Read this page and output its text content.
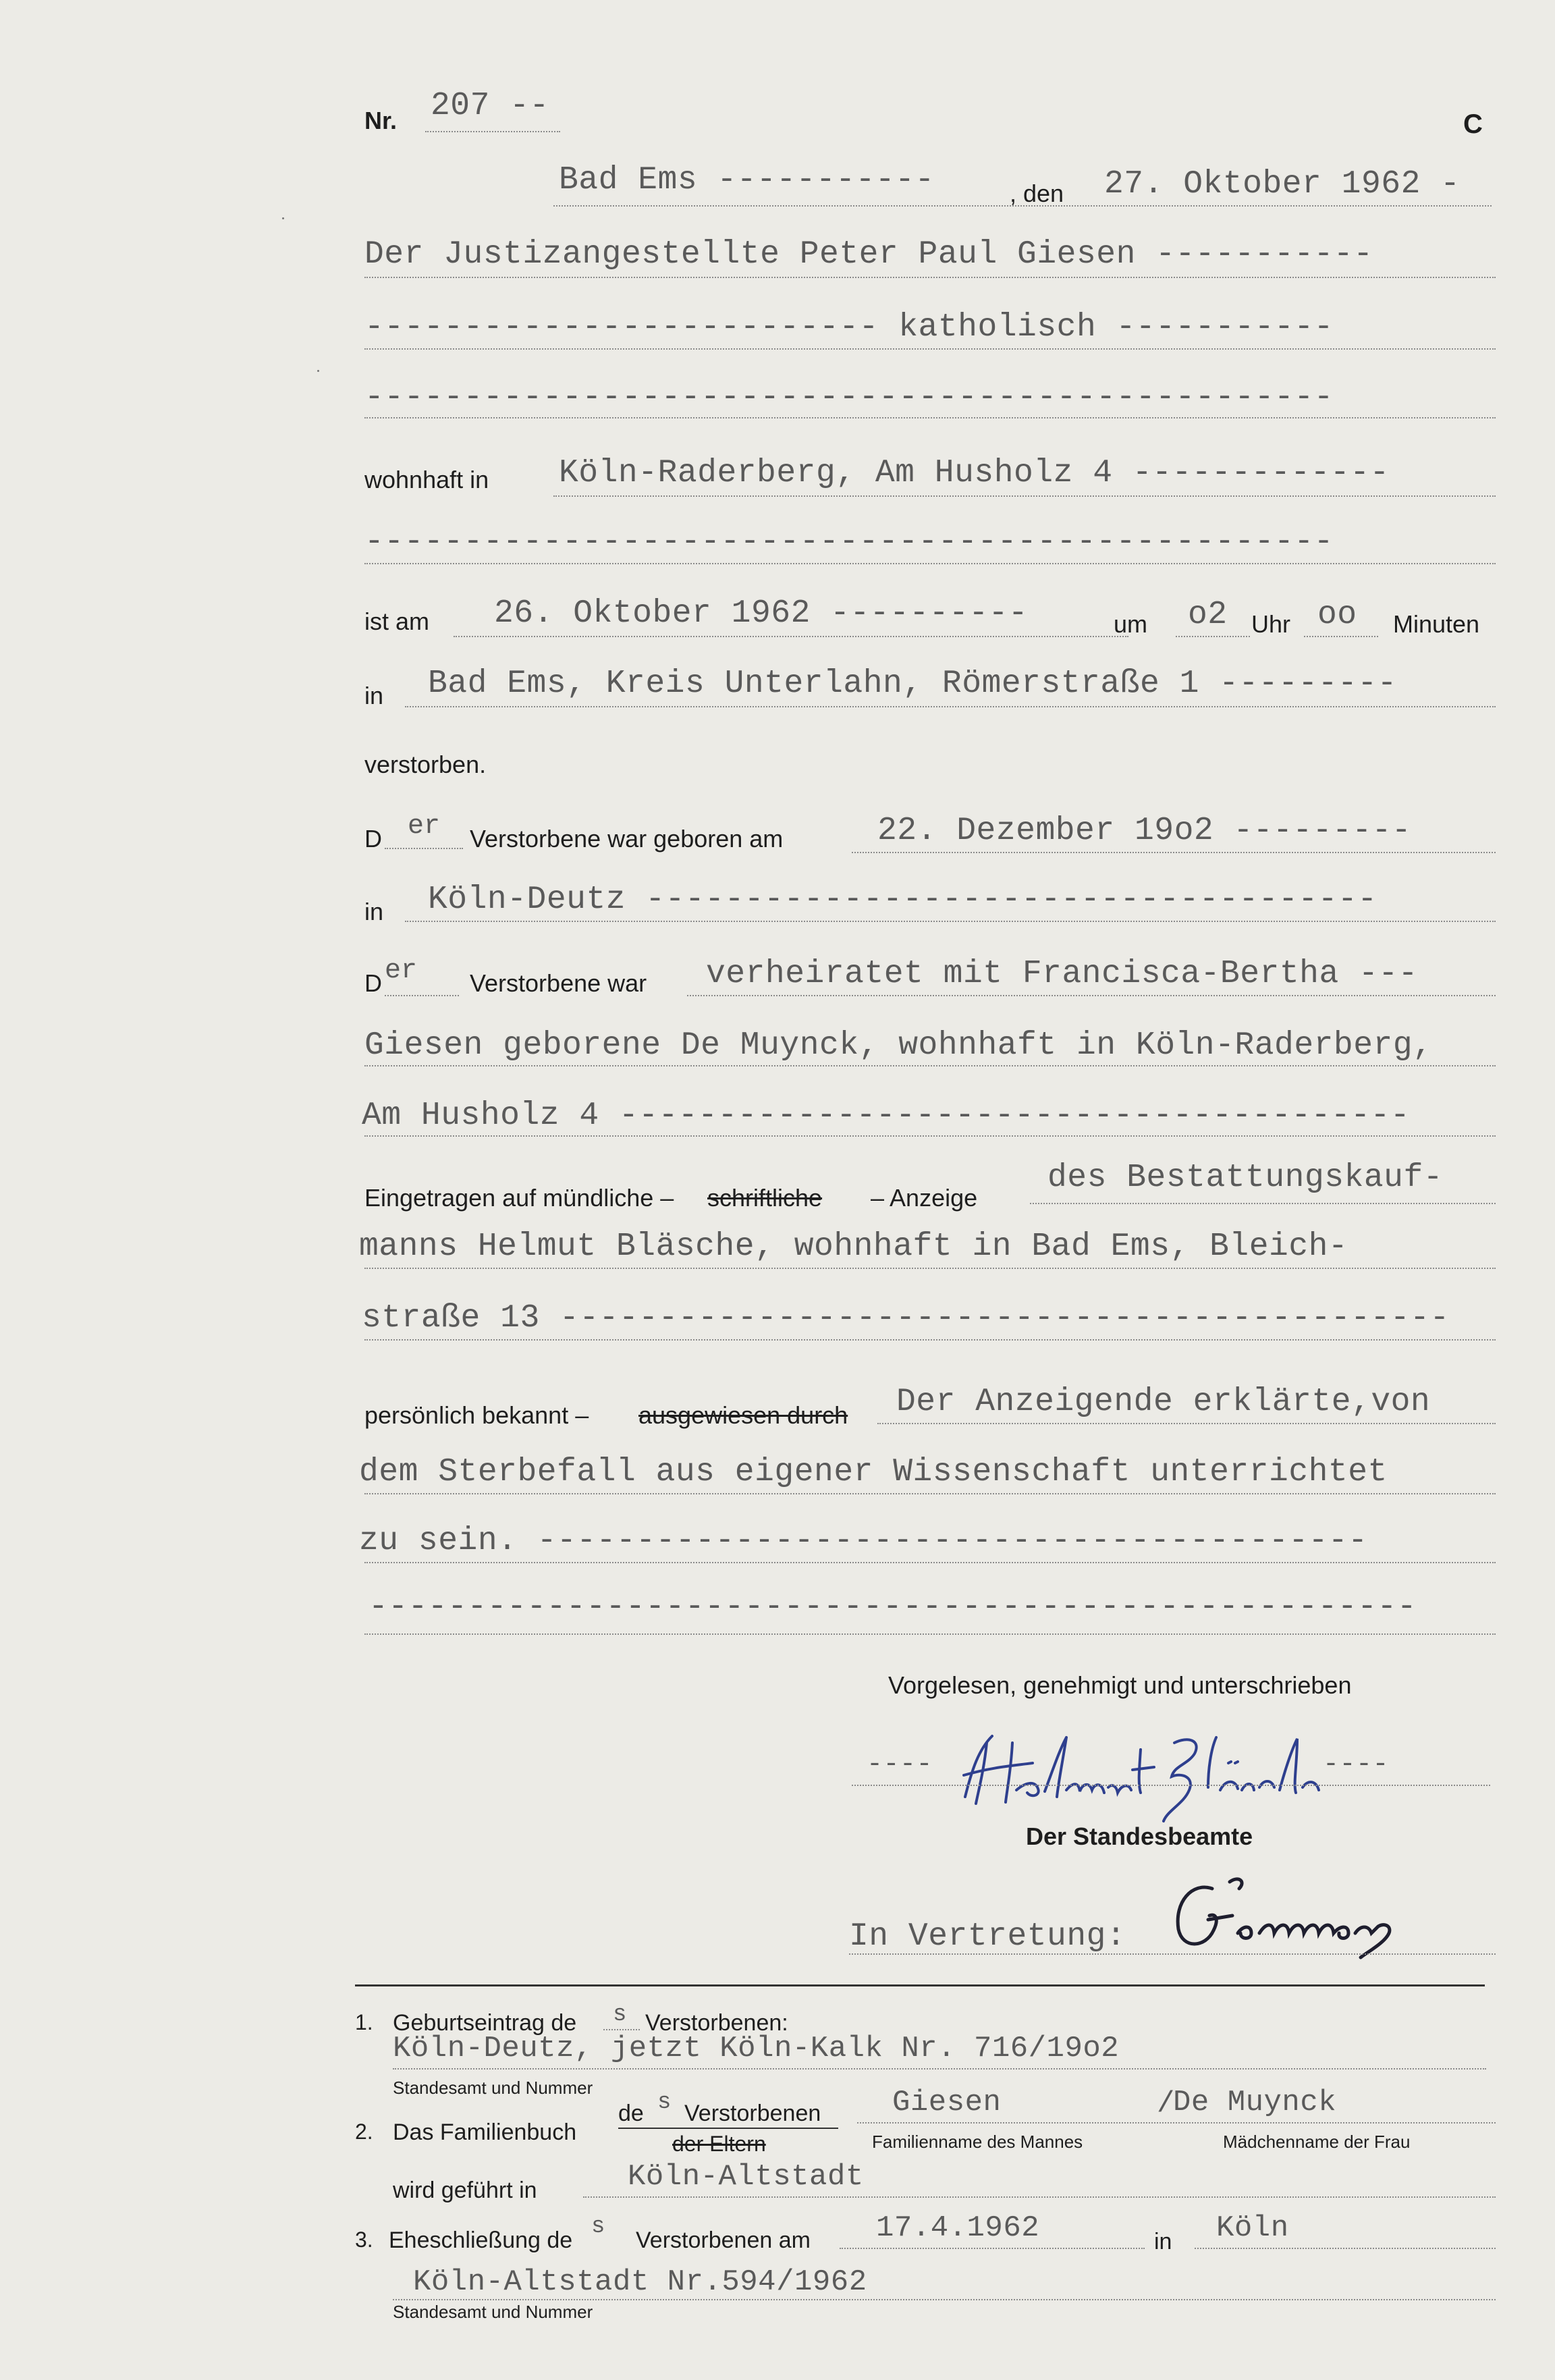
Nr. 207 --	C
Bad Ems -----------	, den 27. Oktober 1962 -
Der Justizangestellte Peter Paul Giesen -----------
-------------------------- katholisch -----------
-------------------------------------------------
wohnhaft in Köln-Raderberg, Am Husholz 4 -------------
-------------------------------------------------
ist am 26. Oktober 1962 ----------	um o2 Uhr oo Minuten
in Bad Ems, Kreis Unterlahn, Römerstraße 1 ---------
verstorben.
D er Verstorbene war geboren am	22. Dezember 19o2 ---------
in Köln-Deutz -------------------------------------
D er Verstorbene war verheiratet mit Francisca-Bertha ---
Giesen geborene De Muynck, wohnhaft in Köln-Raderberg,
Am Husholz 4 ----------------------------------------
Eingetragen auf mündliche – schriftliche – Anzeige
des Bestattungskauf-
manns Helmut Bläsche, wohnhaft in Bad Ems, Bleich-
straße 13 ---------------------------------------------
persönlich bekannt – ausgewiesen durch Der Anzeigende erklärte,von
dem Sterbefall aus eigener Wissenschaft unterrichtet
zu sein. ------------------------------------------
-----------------------------------------------------
Vorgelesen, genehmigt und unterschrieben
----	----
Der Standesbeamte
In Vertretung:
1. Geburtseintrag de s Verstorbenen:
Köln-Deutz, jetzt Köln-Kalk Nr. 716/19o2
Standesamt und Nummer
2. Das Familienbuch
de s Verstorbenen
der Eltern
Giesen	/
De Muynck
Familienname des Mannes	Mädchenname der Frau
wird geführt in	Köln-Altstadt
3. Eheschließung de
s
Verstorbenen am 17.4.1962	in Köln
Köln-Altstadt Nr.594/1962
Standesamt und Nummer
